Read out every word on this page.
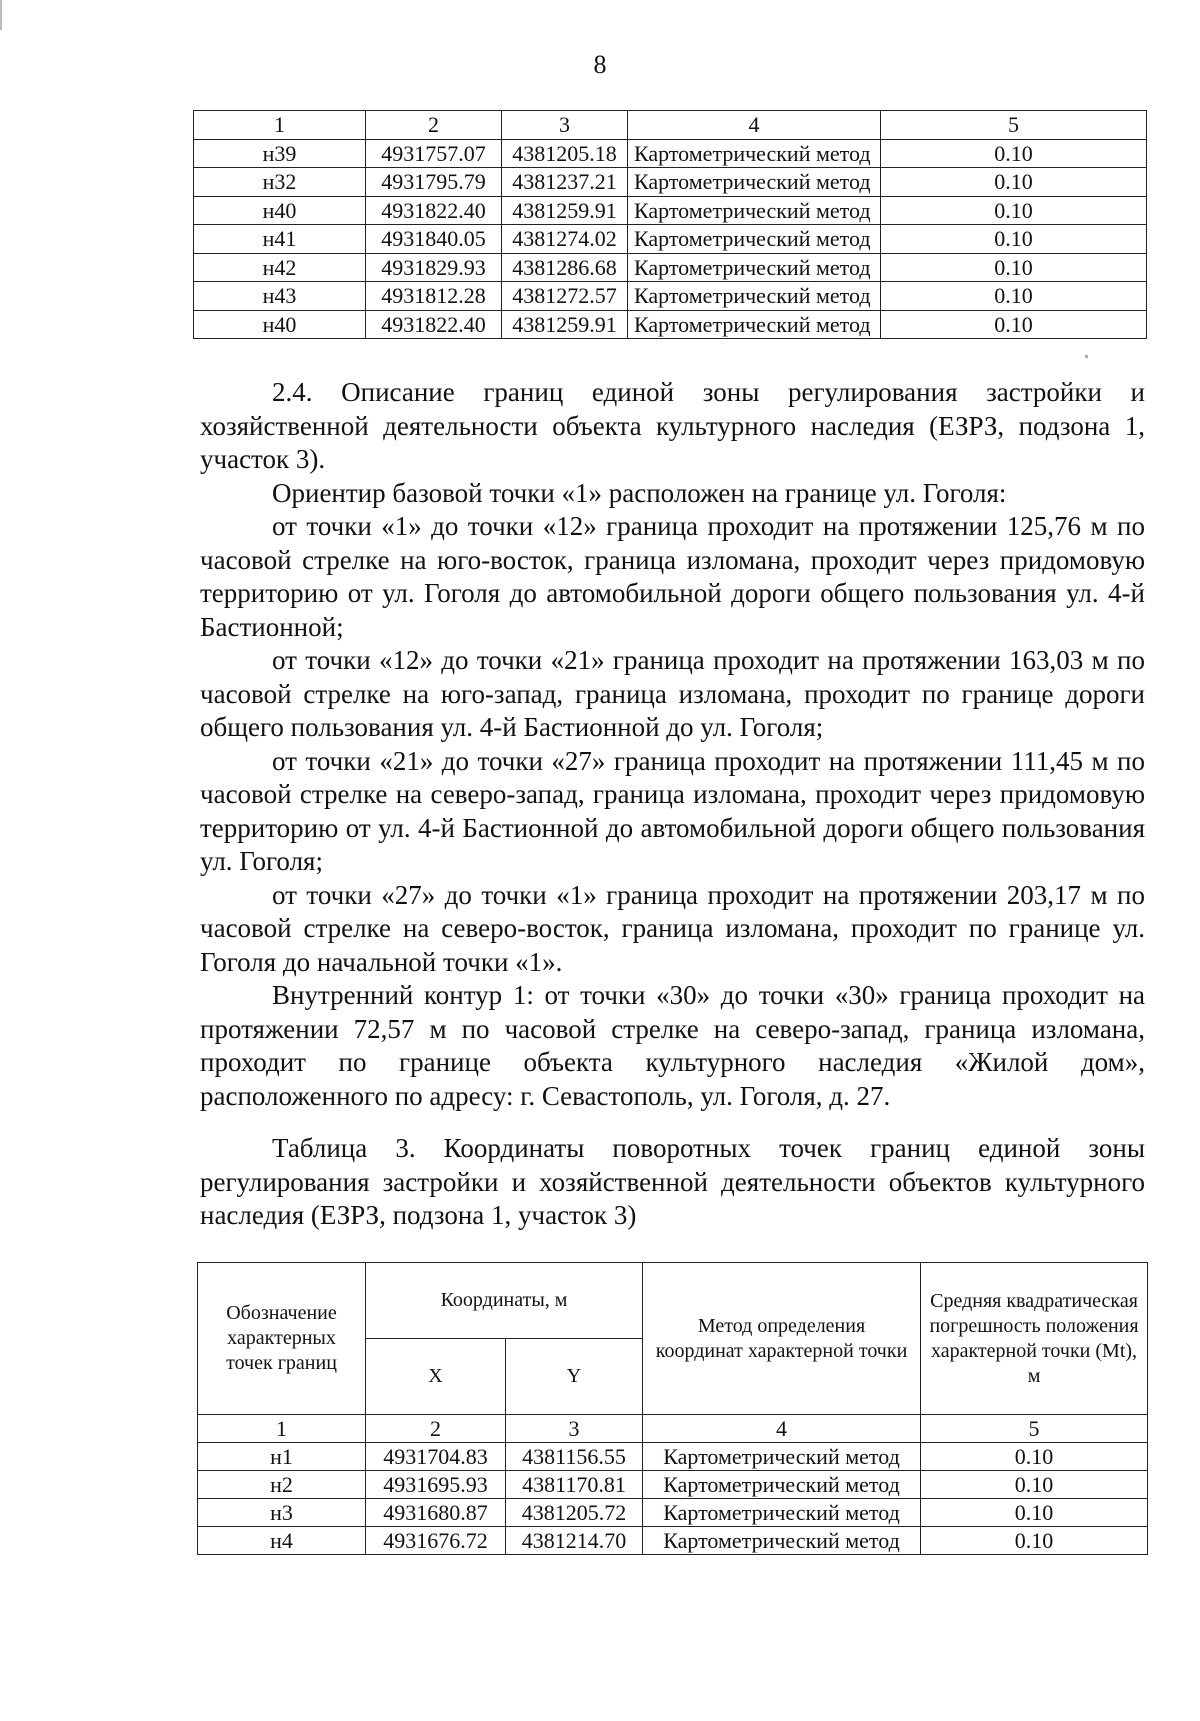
8
1	2	3	4	5
н39	4931757.07	4381205.18	Картометрический метод	0.10
н32	4931795.79	4381237.21	Картометрический метод	0.10
н40	4931822.40	4381259.91	Картометрический метод	0.10
н41	4931840.05	4381274.02	Картометрический метод	0.10
н42	4931829.93	4381286.68	Картометрический метод	0.10
н43	4931812.28	4381272.57	Картометрический метод	0.10
н40	4931822.40	4381259.91	Картометрический метод	0.10

2.4. Описание границ единой зоны регулирования застройки и хозяйственной деятельности объекта культурного наследия (ЕЗРЗ, подзона 1, участок 3).

Ориентир базовой точки «1» расположен на границе ул. Гоголя:

от точки «1» до точки «12» граница проходит на протяжении 125,76 м по часовой стрелке на юго-восток, граница изломана, проходит через придомовую территорию от ул. Гоголя до автомобильной дороги общего пользования ул. 4-й Бастионной;

от точки «12» до точки «21» граница проходит на протяжении 163,03 м по часовой стрелке на юго-запад, граница изломана, проходит по границе дороги общего пользования ул. 4-й Бастионной до ул. Гоголя;

от точки «21» до точки «27» граница проходит на протяжении 111,45 м по часовой стрелке на северо-запад, граница изломана, проходит через придомовую территорию от ул. 4-й Бастионной до автомобильной дороги общего пользования ул. Гоголя;

от точки «27» до точки «1» граница проходит на протяжении 203,17 м по часовой стрелке на северо-восток, граница изломана, проходит по границе ул. Гоголя до начальной точки «1».

Внутренний контур 1: от точки «30» до точки «30» граница проходит на протяжении 72,57 м по часовой стрелке на северо-запад, граница изломана, проходит по границе объекта культурного наследия «Жилой дом», расположенного по адресу: г. Севастополь, ул. Гоголя, д. 27.

Таблица 3. Координаты поворотных точек границ единой зоны регулирования застройки и хозяйственной деятельности объектов культурного наследия (ЕЗРЗ, подзона 1, участок 3)

Обозначение характерных точек границ	Координаты, м		Метод определения координат характерной точки	Средняя квадратическая погрешность положения характерной точки (Mt), м
	X	Y		
1	2	3	4	5
н1	4931704.83	4381156.55	Картометрический метод	0.10
н2	4931695.93	4381170.81	Картометрический метод	0.10
н3	4931680.87	4381205.72	Картометрический метод	0.10
н4	4931676.72	4381214.70	Картометрический метод	0.10
